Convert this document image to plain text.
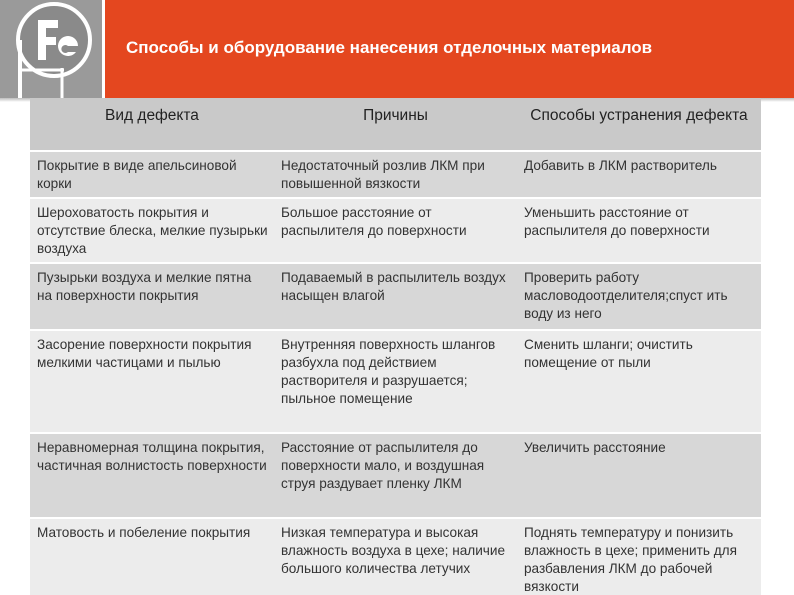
Способы и оборудование нанесения отделочных материалов
Вид дефекта	Причины	Способы устранения дефекта
Покрытие в виде апельсиновой корки	Недостаточный розлив ЛКМ при повышенной вязкости	Добавить в ЛКМ растворитель
Шероховатость покрытия и отсутствие блеска, мелкие пузырьки воздуха	Большое расстояние от распылителя до поверхности	Уменьшить расстояние от распылителя до поверхности
Пузырьки воздуха и мелкие пятна на поверхности покрытия	Подаваемый в распылитель воздух насыщен влагой	Проверить работу масловодоотделителя;спуст ить воду из него
Засорение поверхности покрытия мелкими частицами и пылью	Внутренняя поверхность шлангов разбухла под действием растворителя и разрушается; пыльное помещение	Сменить шланги; очистить помещение от пыли
Неравномерная толщина покрытия, частичная волнистость поверхности	Расстояние от распылителя до поверхности мало, и воздушная струя раздувает пленку ЛКМ	Увеличить расстояние
Матовость и побеление покрытия	Низкая температура и высокая влажность воздуха в цехе; наличие большого количества летучих	Поднять температуру и понизить влажность в цехе; применить для разбавления ЛКМ до рабочей вязкости
